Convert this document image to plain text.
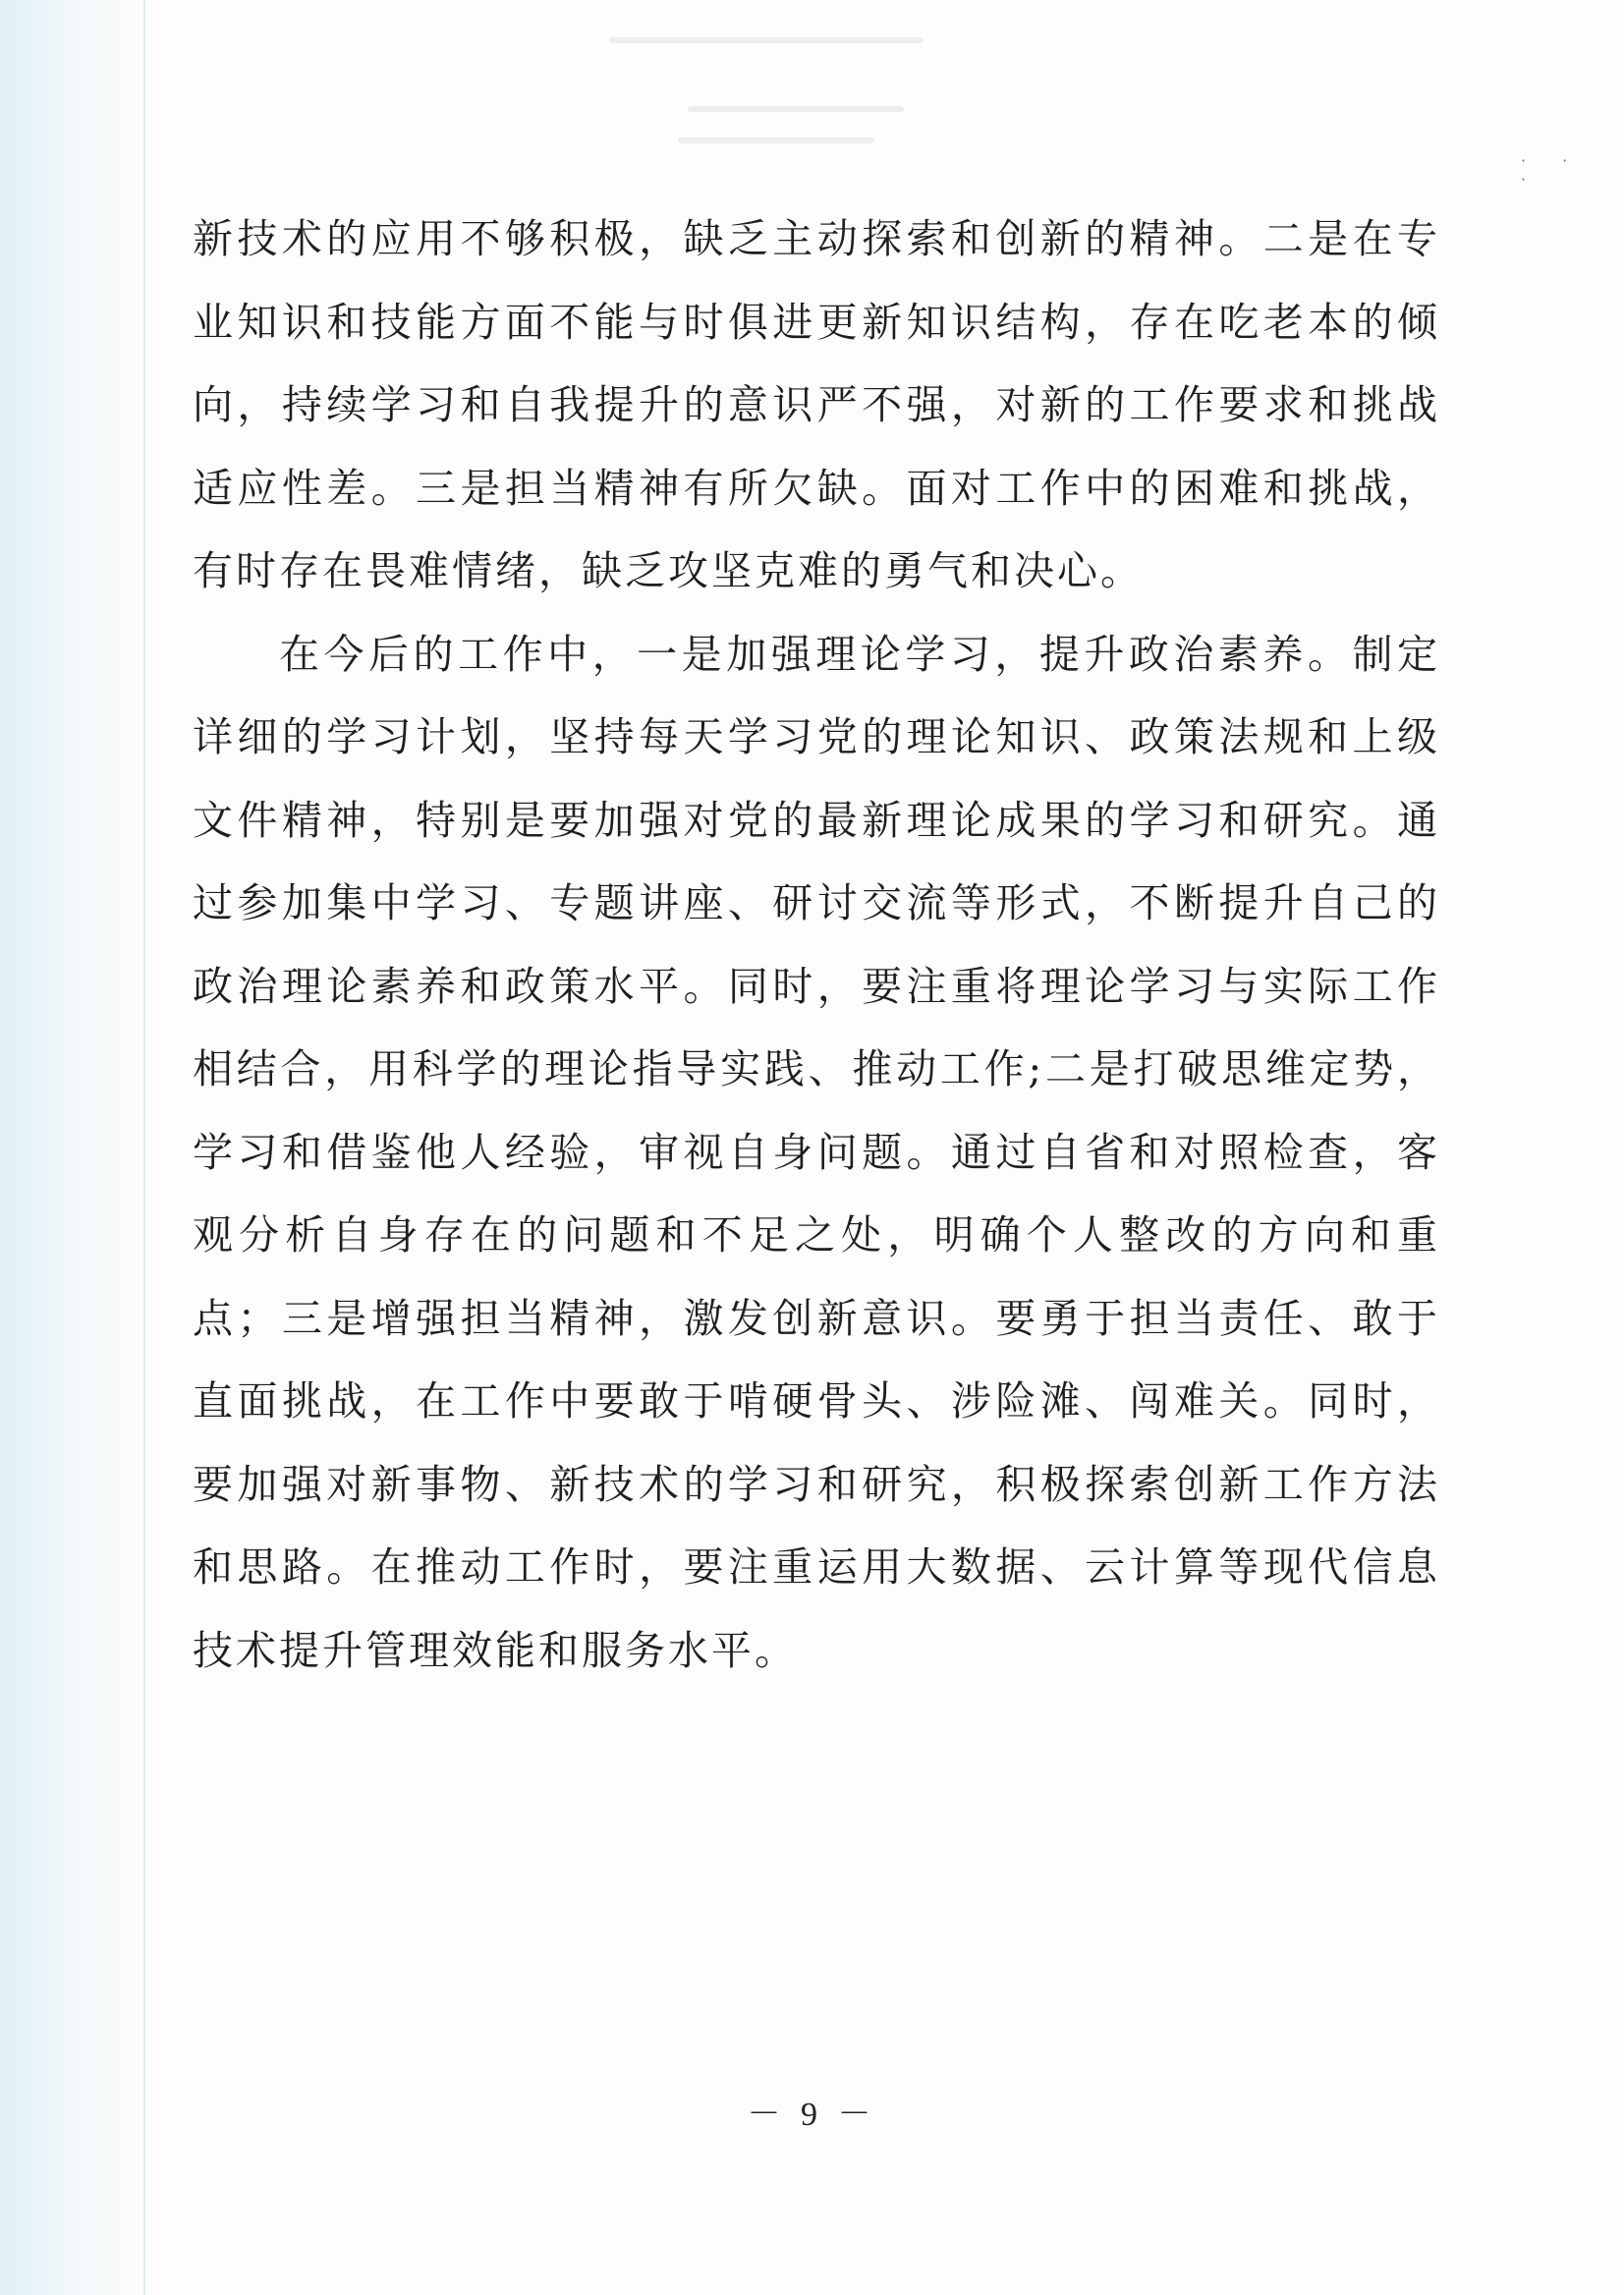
· · ·

新技术的应用不够积极，缺乏主动探索和创新的精神。二是在专业知识和技能方面不能与时俱进更新知识结构，存在吃老本的倾向，持续学习和自我提升的意识严不强，对新的工作要求和挑战适应性差。三是担当精神有所欠缺。面对工作中的困难和挑战，有时存在畏难情绪，缺乏攻坚克难的勇气和决心。

在今后的工作中，一是加强理论学习，提升政治素养。制定详细的学习计划，坚持每天学习党的理论知识、政策法规和上级文件精神，特别是要加强对党的最新理论成果的学习和研究。通过参加集中学习、专题讲座、研讨交流等形式，不断提升自己的政治理论素养和政策水平。同时，要注重将理论学习与实际工作相结合，用科学的理论指导实践、推动工作;二是打破思维定势，学习和借鉴他人经验，审视自身问题。通过自省和对照检查，客观分析自身存在的问题和不足之处，明确个人整改的方向和重点；三是增强担当精神，激发创新意识。要勇于担当责任、敢于直面挑战，在工作中要敢于啃硬骨头、涉险滩、闯难关。同时，要加强对新事物、新技术的学习和研究，积极探索创新工作方法和思路。在推动工作时，要注重运用大数据、云计算等现代信息技术提升管理效能和服务水平。

－ 9 －
